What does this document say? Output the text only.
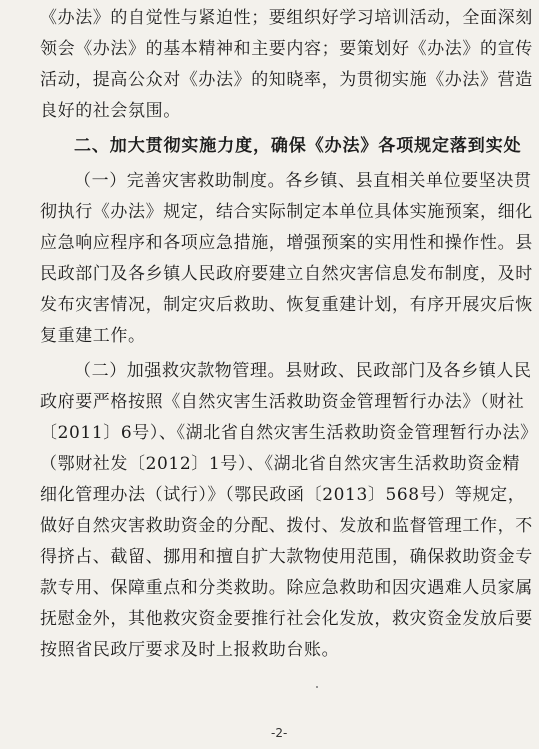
《办法》的自觉性与紧迫性；要组织好学习培训活动，全面深刻
领会《办法》的基本精神和主要内容；要策划好《办法》的宣传
活动，提高公众对《办法》的知晓率，为贯彻实施《办法》营造
良好的社会氛围。
二、加大贯彻实施力度，确保《办法》各项规定落到实处
（一）完善灾害救助制度。各乡镇、县直相关单位要坚决贯
彻执行《办法》规定，结合实际制定本单位具体实施预案，细化
应急响应程序和各项应急措施，增强预案的实用性和操作性。县
民政部门及各乡镇人民政府要建立自然灾害信息发布制度，及时
发布灾害情况，制定灾后救助、恢复重建计划，有序开展灾后恢
复重建工作。
（二）加强救灾款物管理。县财政、民政部门及各乡镇人民
政府要严格按照《自然灾害生活救助资金管理暂行办法》（财社
〔2011〕6号）、《湖北省自然灾害生活救助资金管理暂行办法》
（鄂财社发〔2012〕1号）、《湖北省自然灾害生活救助资金精
细化管理办法（试行）》（鄂民政函〔2013〕568号）等规定，
做好自然灾害救助资金的分配、拨付、发放和监督管理工作，不
得挤占、截留、挪用和擅自扩大款物使用范围，确保救助资金专
款专用、保障重点和分类救助。除应急救助和因灾遇难人员家属
抚慰金外，其他救灾资金要推行社会化发放，救灾资金发放后要
按照省民政厅要求及时上报救助台账。
-2-
